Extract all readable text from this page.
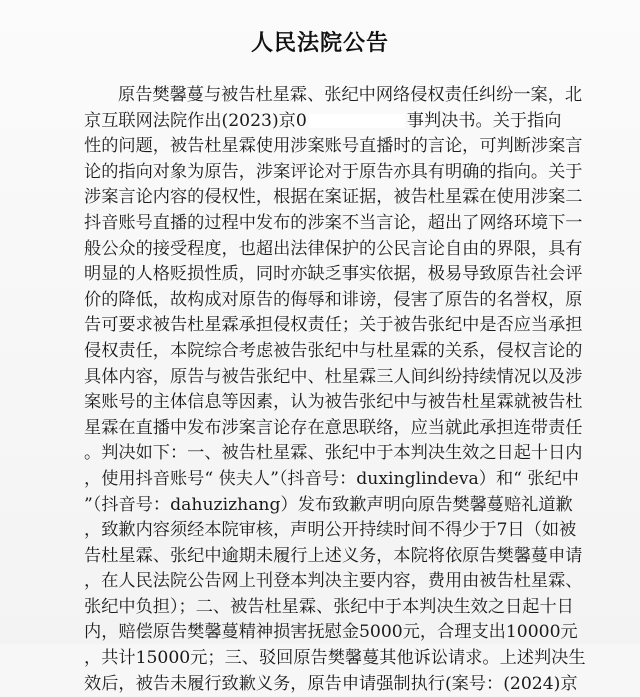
人民法院公告
原告樊馨蔓与被告杜星霖、张纪中网络侵权责任纠纷一案，北
京互联网法院作出(2023)京0	事判决书。关于指向
性的问题，被告杜星霖使用涉案账号直播时的言论，可判断涉案言
论的指向对象为原告，涉案评论对于原告亦具有明确的指向。关于
涉案言论内容的侵权性，根据在案证据，被告杜星霖在使用涉案二
抖音账号直播的过程中发布的涉案不当言论，超出了网络环境下一
般公众的接受程度，也超出法律保护的公民言论自由的界限，具有
明显的人格贬损性质，同时亦缺乏事实依据，极易导致原告社会评
价的降低，故构成对原告的侮辱和诽谤，侵害了原告的名誉权，原
告可要求被告杜星霖承担侵权责任；关于被告张纪中是否应当承担
侵权责任，本院综合考虑被告张纪中与杜星霖的关系，侵权言论的
具体内容，原告与被告张纪中、杜星霖三人间纠纷持续情况以及涉
案账号的主体信息等因素，认为被告张纪中与被告杜星霖就被告杜
星霖在直播中发布涉案言论存在意思联络，应当就此承担连带责任
。判决如下：一、被告杜星霖、张纪中于本判决生效之日起十日内
，使用抖音账号“ 侠夫人”（抖音号：duxinglindeva）和“ 张纪中
”（抖音号：dahuzizhang）发布致歉声明向原告樊馨蔓赔礼道歉
，致歉内容须经本院审核，声明公开持续时间不得少于7日（如被
告杜星霖、张纪中逾期未履行上述义务，本院将依原告樊馨蔓申请
，在人民法院公告网上刊登本判决主要内容，费用由被告杜星霖、
张纪中负担）；二、被告杜星霖、张纪中于本判决生效之日起十日
内，赔偿原告樊馨蔓精神损害抚慰金5000元，合理支出10000元
，共计15000元；三、驳回原告樊馨蔓其他诉讼请求。上述判决生
效后，被告未履行致歉义务，原告申请强制执行(案号：(2024)京
